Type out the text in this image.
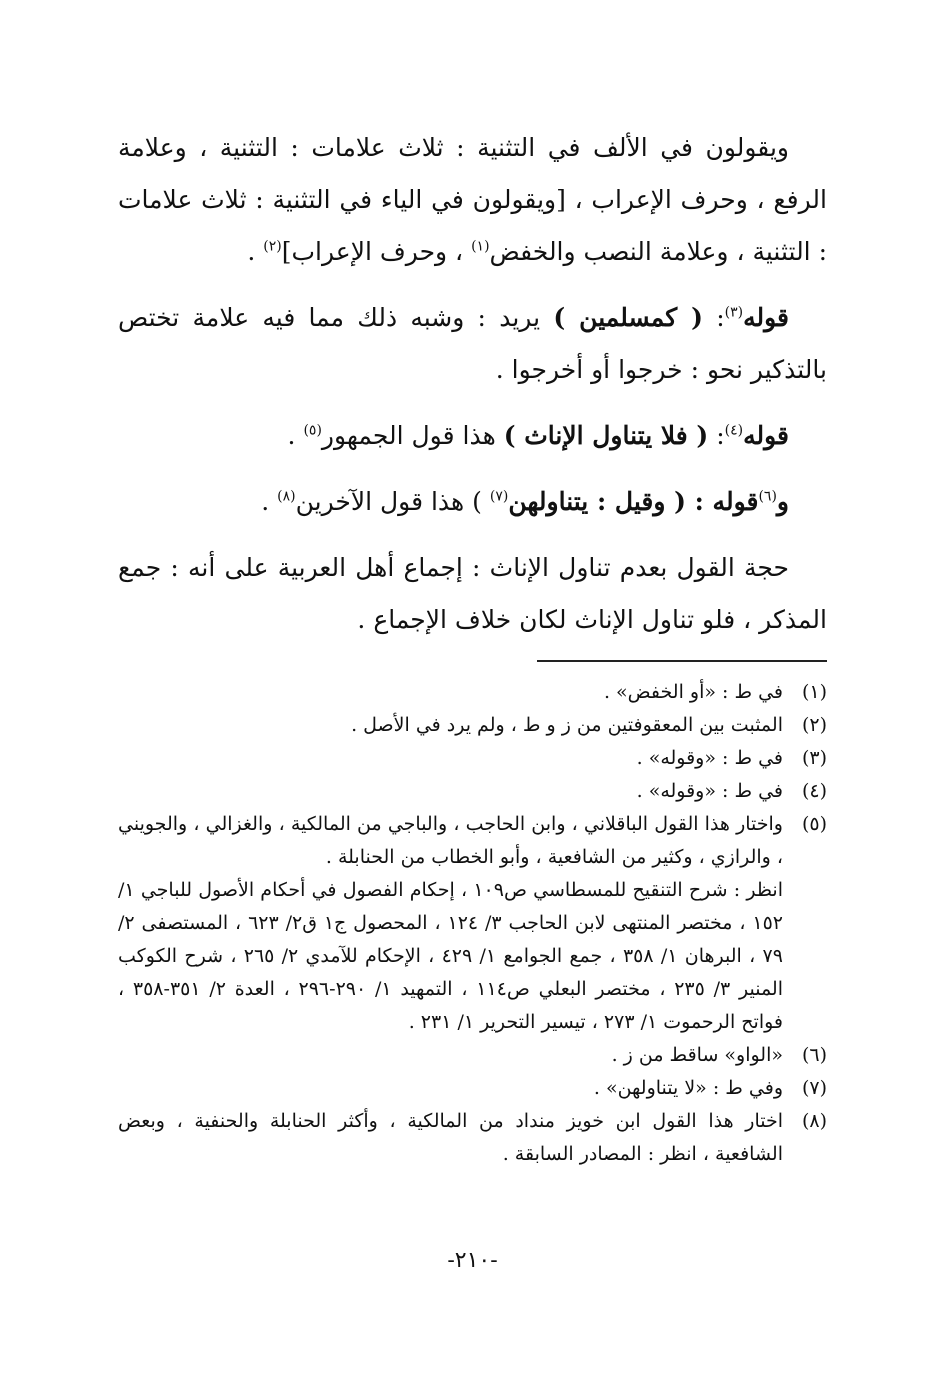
ويقولون في الألف في التثنية : ثلاث علامات : التثنية ، وعلامة الرفع ، وحرف الإعراب ، [ويقولون في الياء في التثنية : ثلاث علامات : التثنية ، وعلامة النصب والخفض$^{(١)}$ ، وحرف الإعراب]$^{(٢)}$ .

قوله$^{(٣)}$: ( كمسلمين ) يريد : وشبه ذلك مما فيه علامة تختص بالتذكير نحو : خرجوا أو أخرجوا .

قوله$^{(٤)}$: ( فلا يتناول الإناث ) هذا قول الجمهور$^{(٥)}$ .

و$^{(٦)}$قوله : ( وقيل : يتناولهن$^{(٧)}$ ) هذا قول الآخرين$^{(٨)}$ .

حجة القول بعدم تناول الإناث : إجماع أهل العربية على أنه : جمع المذكر ، فلو تناول الإناث لكان خلاف الإجماع .

(١)
في ط : «أو الخفض» .
(٢)
المثبت بين المعقوفتين من ز و ط ، ولم يرد في الأصل .
(٣)
في ط : «وقوله» .
(٤)
في ط : «وقوله» .
(٥)
واختار هذا القول الباقلاني ، وابن الحاجب ، والباجي من المالكية ، والغزالي ، والجويني ، والرازي ، وكثير من الشافعية ، وأبو الخطاب من الحنابلة .
انظر : شرح التنقيح للمسطاسي ص١٠٩ ، إحكام الفصول في أحكام الأصول للباجي ١/ ١٥٢ ، مختصر المنتهى لابن الحاجب ٣/ ١٢٤ ، المحصول ج١ ق٢/ ٦٢٣ ، المستصفى ٢/ ٧٩ ، البرهان ١/ ٣٥٨ ، جمع الجوامع ١/ ٤٢٩ ، الإحكام للآمدي ٢/ ٢٦٥ ، شرح الكوكب المنير ٣/ ٢٣٥ ، مختصر البعلي ص١١٤ ، التمهيد ١/ ٢٩٠-٢٩٦ ، العدة ٢/ ٣٥١-٣٥٨ ، فواتح الرحموت ١/ ٢٧٣ ، تيسير التحرير ١/ ٢٣١ .
(٦)
«الواو» ساقط من ز .
(٧)
وفي ط : «لا يتناولهن» .
(٨)
اختار هذا القول ابن خويز منداد من المالكية ، وأكثر الحنابلة والحنفية ، وبعض الشافعية ، انظر : المصادر السابقة .
-٢١٠-
